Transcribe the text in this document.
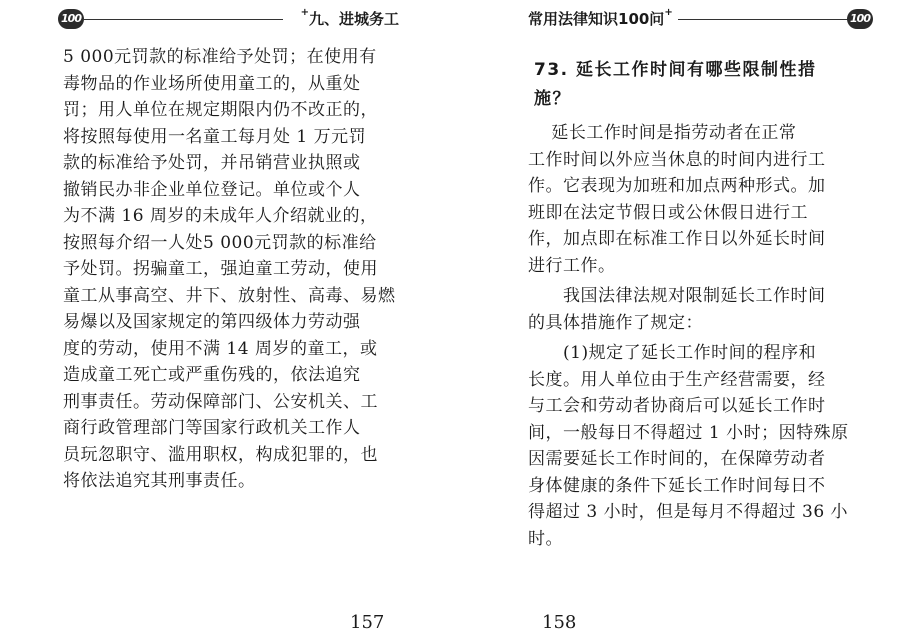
100	+九、进城务工
5 000元罚款的标准给予处罚；在使用有
毒物品的作业场所使用童工的，从重处
罚；用人单位在规定期限内仍不改正的，
将按照每使用一名童工每月处 1 万元罚
款的标准给予处罚，并吊销营业执照或
撤销民办非企业单位登记。单位或个人
为不满 16 周岁的未成年人介绍就业的，
按照每介绍一人处5 000元罚款的标准给
予处罚。拐骗童工，强迫童工劳动，使用
童工从事高空、井下、放射性、高毒、易燃
易爆以及国家规定的第四级体力劳动强
度的劳动，使用不满 14 周岁的童工，或
造成童工死亡或严重伤残的，依法追究
刑事责任。劳动保障部门、公安机关、工
商行政管理部门等国家行政机关工作人
员玩忽职守、滥用职权，构成犯罪的，也
将依法追究其刑事责任。
157
常用法律知识100问+	100
73. 延长工作时间有哪些限制性措
施？
　 延长工作时间是指劳动者在正常
工作时间以外应当休息的时间内进行工
作。它表现为加班和加点两种形式。加
班即在法定节假日或公休假日进行工
作，加点即在标准工作日以外延长时间
进行工作。
　　我国法律法规对限制延长工作时间
的具体措施作了规定：
　　(1)规定了延长工作时间的程序和
长度。用人单位由于生产经营需要，经
与工会和劳动者协商后可以延长工作时
间，一般每日不得超过 1 小时；因特殊原
因需要延长工作时间的，在保障劳动者
身体健康的条件下延长工作时间每日不
得超过 3 小时，但是每月不得超过 36 小
时。
158
